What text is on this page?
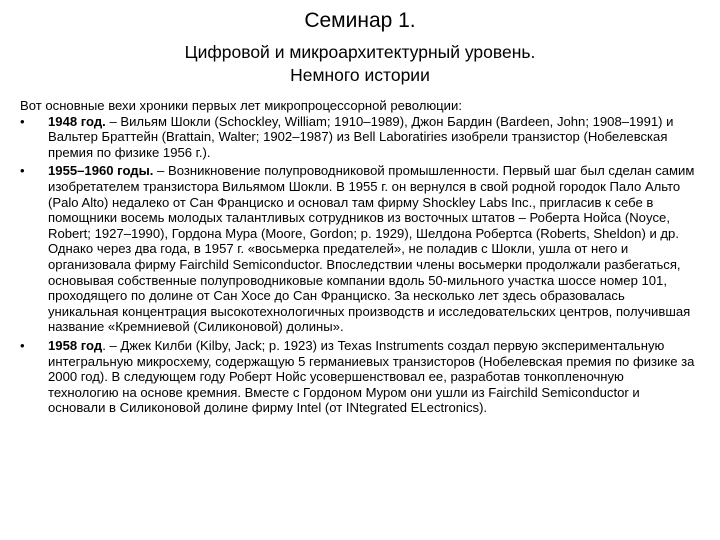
Семинар 1.
Цифровой и микроархитектурный уровень.
Немного истории

Вот основные вехи хроники первых лет микропроцессорной революции:

•	1948 год. – Вильям Шокли (Schockley, William; 1910–1989), Джон Бардин (Bardeen, John; 1908–1991) и Вальтер Браттейн (Brattain, Walter; 1902–1987) из Bell Laboratiries изобрели транзистор (Нобелевская премия по физике 1956 г.).
•	1955–1960 годы. – Возникновение полупроводниковой промышленности. Первый шаг был сделан самим изобретателем транзистора Вильямом Шокли. В 1955 г. он вернулся в свой родной городок Пало Альто (Palo Alto) недалеко от Сан Франциско и основал там фирму Shockley Labs Inc., пригласив к себе в помощники восемь молодых талантливых сотрудников из восточных штатов – Роберта Нойса (Noyce, Robert; 1927–1990), Гордона Мура (Moore, Gordon; р. 1929), Шелдона Робертса (Roberts, Sheldon) и др. Однако через два года, в 1957 г. «восьмерка предателей», не поладив с Шокли, ушла от него и организовала фирму Fairchild Semiconductor. Впоследствии члены восьмерки продолжали разбегаться, основывая собственные полупроводниковые компании вдоль 50-мильного участка шоссе номер 101, проходящего по долине от Сан Хосе до Сан Франциско. За несколько лет здесь образовалась уникальная концентрация высокотехнологичных производств и исследовательских центров, получившая название «Кремниевой (Силиконовой) долины».
•	1958 год. – Джек Килби (Kilby, Jack; р. 1923) из Texas Instruments создал первую экспериментальную интегральную микросхему, содержащую 5 германиевых транзисторов (Нобелевская премия по физике за 2000 год). В следующем году Роберт Нойс усовершенствовал ее, разработав тонкопленочную технологию на основе кремния. Вместе с Гордоном Муром они ушли из Fairchild Semiconductor и основали в Силиконовой долине фирму Intel (от INtegrated ELectronics).
